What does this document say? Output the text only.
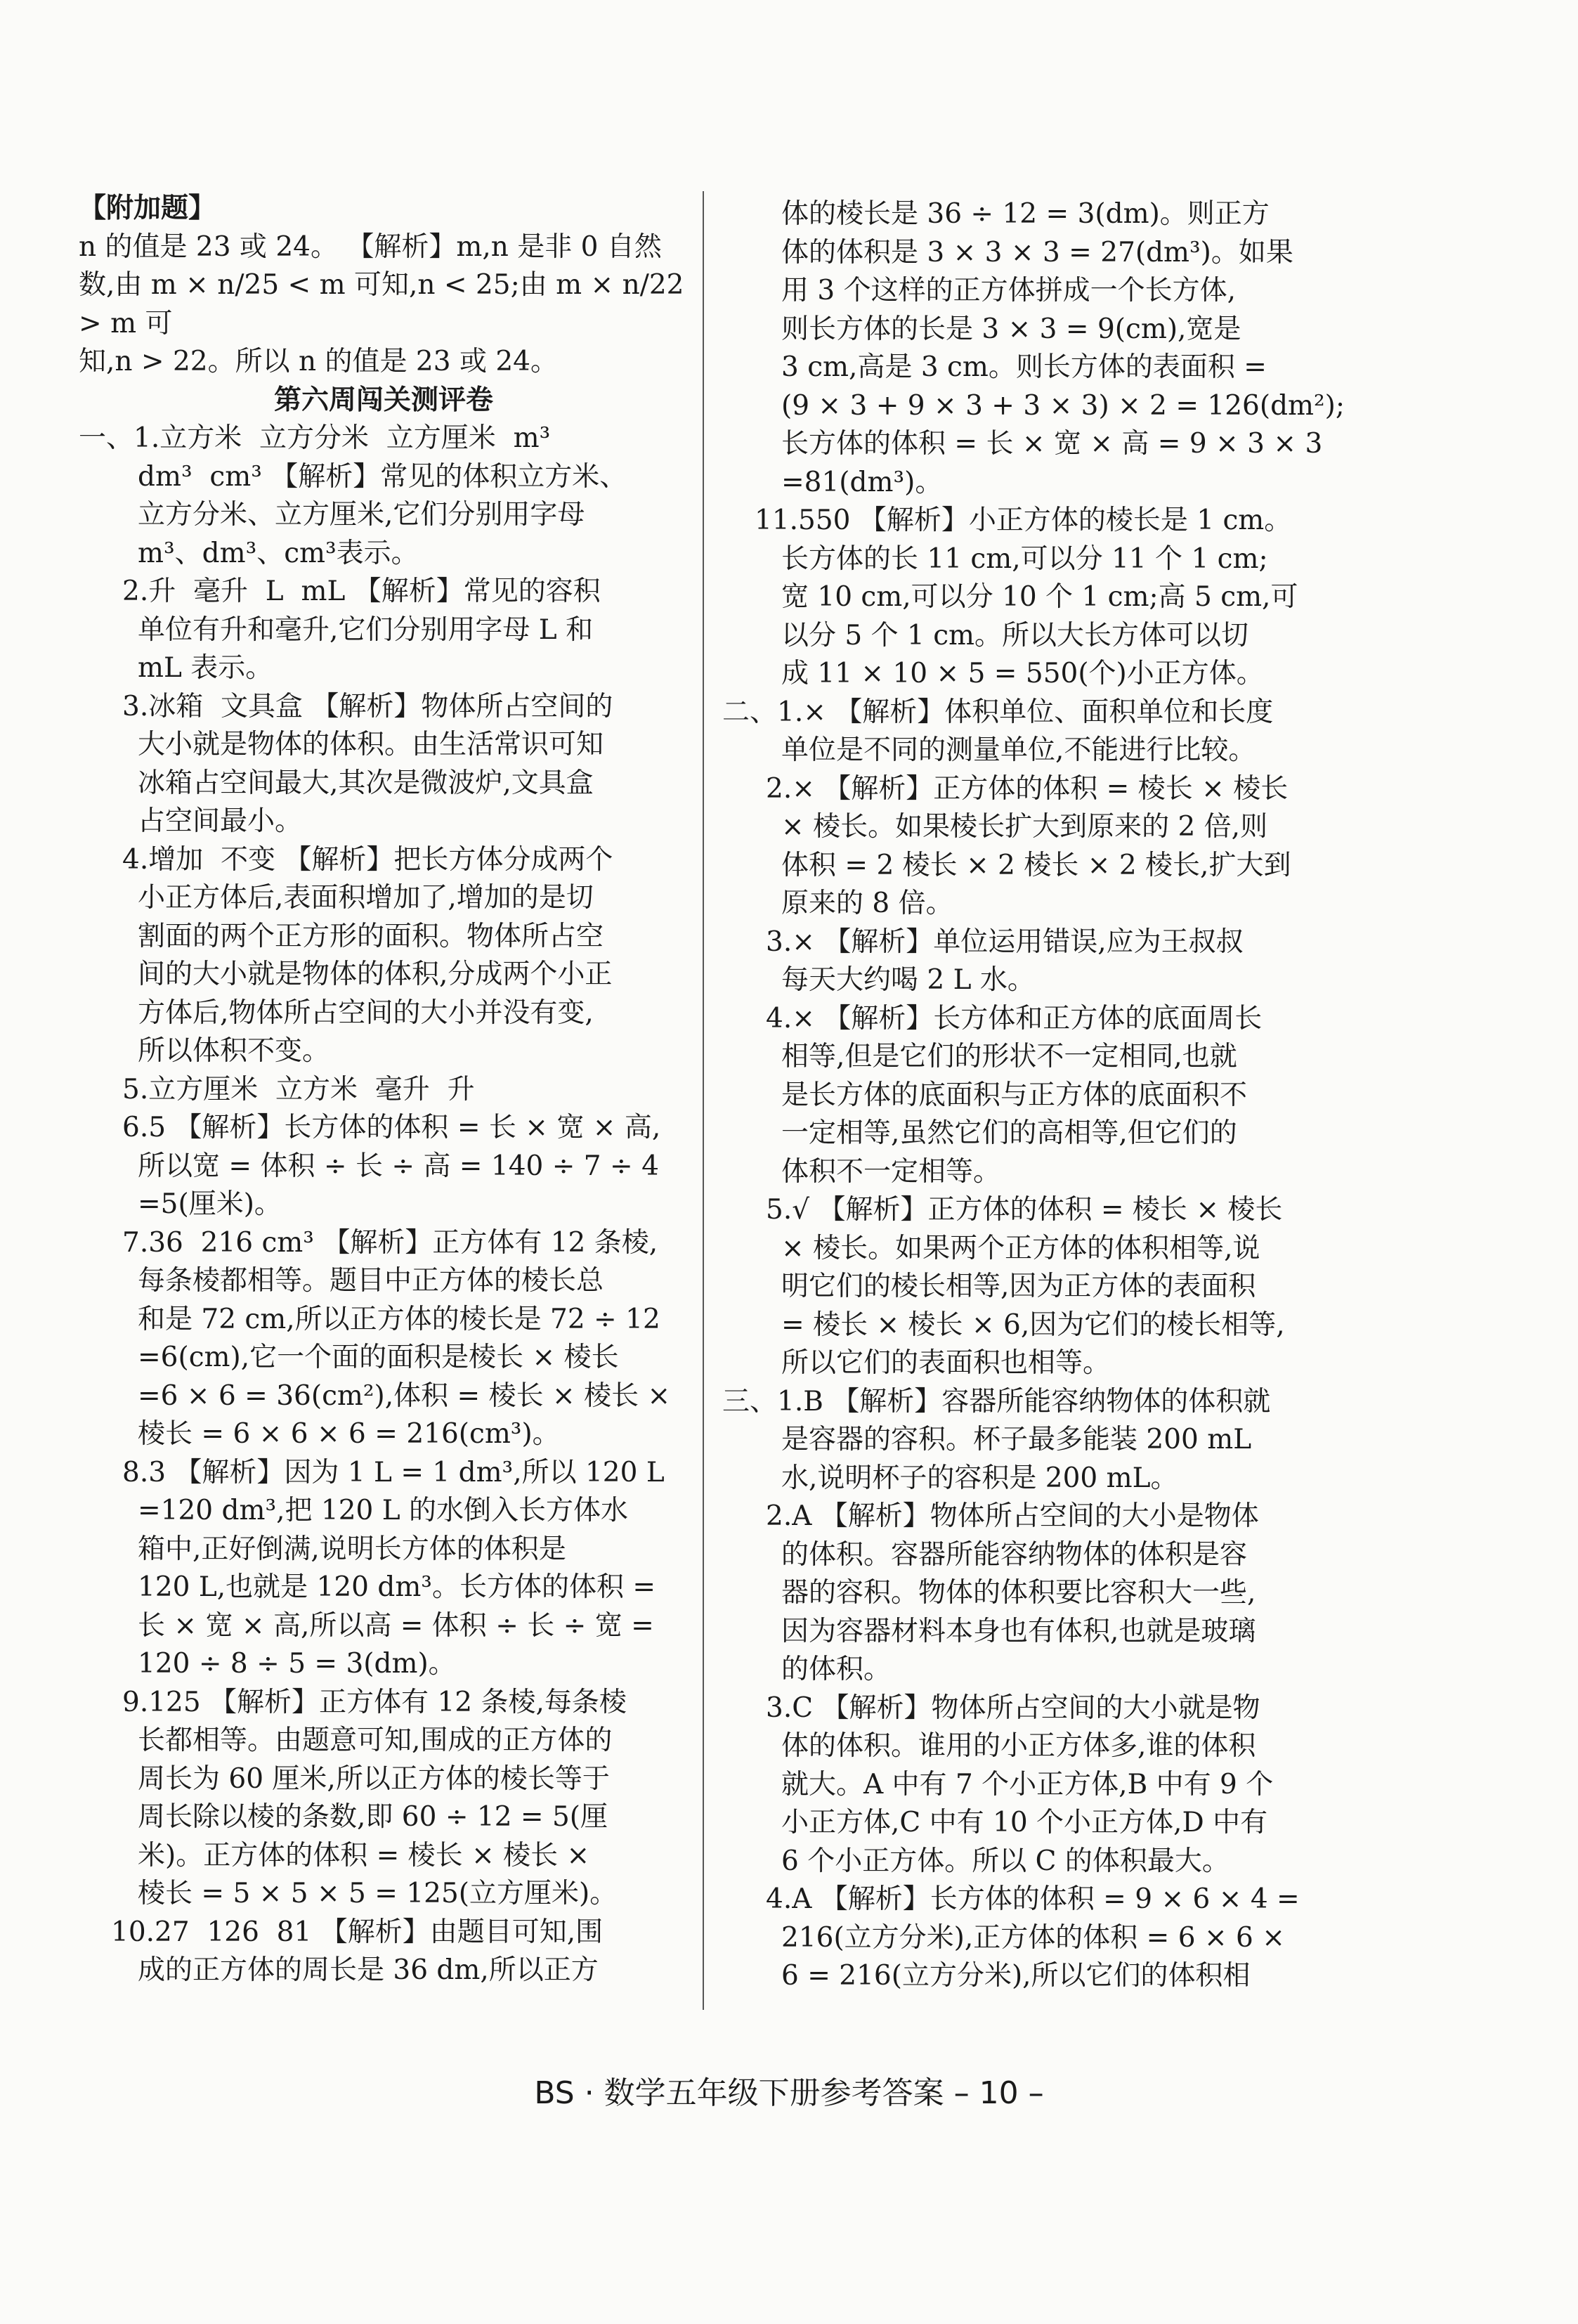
【附加题】

n 的值是 23 或 24。 【解析】m,n 是非 0 自然

数,由 m × n/25 < m 可知,n < 25;由 m × n/22 > m 可

知,n > 22。所以 n 的值是 23 或 24。

第六周闯关测评卷

一、1.立方米  立方分米  立方厘米  m³

dm³  cm³ 【解析】常见的体积立方米、

立方分米、立方厘米,它们分别用字母

m³、dm³、cm³表示。

2.升  毫升  L  mL 【解析】常见的容积

单位有升和毫升,它们分别用字母 L 和

mL 表示。

3.冰箱  文具盒 【解析】物体所占空间的

大小就是物体的体积。由生活常识可知

冰箱占空间最大,其次是微波炉,文具盒

占空间最小。

4.增加  不变 【解析】把长方体分成两个

小正方体后,表面积增加了,增加的是切

割面的两个正方形的面积。物体所占空

间的大小就是物体的体积,分成两个小正

方体后,物体所占空间的大小并没有变,

所以体积不变。

5.立方厘米  立方米  毫升  升

6.5 【解析】长方体的体积 = 长 × 宽 × 高,

所以宽 = 体积 ÷ 长 ÷ 高 = 140 ÷ 7 ÷ 4

=5(厘米)。

7.36  216 cm³ 【解析】正方体有 12 条棱,

每条棱都相等。题目中正方体的棱长总

和是 72 cm,所以正方体的棱长是 72 ÷ 12

=6(cm),它一个面的面积是棱长 × 棱长

=6 × 6 = 36(cm²),体积 = 棱长 × 棱长 ×

棱长 = 6 × 6 × 6 = 216(cm³)。

8.3 【解析】因为 1 L = 1 dm³,所以 120 L

=120 dm³,把 120 L 的水倒入长方体水

箱中,正好倒满,说明长方体的体积是

120 L,也就是 120 dm³。长方体的体积 =

长 × 宽 × 高,所以高 = 体积 ÷ 长 ÷ 宽 =

120 ÷ 8 ÷ 5 = 3(dm)。

9.125 【解析】正方体有 12 条棱,每条棱

长都相等。由题意可知,围成的正方体的

周长为 60 厘米,所以正方体的棱长等于

周长除以棱的条数,即 60 ÷ 12 = 5(厘

米)。正方体的体积 = 棱长 × 棱长 ×

棱长 = 5 × 5 × 5 = 125(立方厘米)。

10.27  126  81 【解析】由题目可知,围

成的正方体的周长是 36 dm,所以正方

体的棱长是 36 ÷ 12 = 3(dm)。则正方

体的体积是 3 × 3 × 3 = 27(dm³)。如果

用 3 个这样的正方体拼成一个长方体,

则长方体的长是 3 × 3 = 9(cm),宽是

3 cm,高是 3 cm。则长方体的表面积 =

(9 × 3 + 9 × 3 + 3 × 3) × 2 = 126(dm²);

长方体的体积 = 长 × 宽 × 高 = 9 × 3 × 3

=81(dm³)。

11.550 【解析】小正方体的棱长是 1 cm。

长方体的长 11 cm,可以分 11 个 1 cm;

宽 10 cm,可以分 10 个 1 cm;高 5 cm,可

以分 5 个 1 cm。所以大长方体可以切

成 11 × 10 × 5 = 550(个)小正方体。

二、1.× 【解析】体积单位、面积单位和长度

单位是不同的测量单位,不能进行比较。

2.× 【解析】正方体的体积 = 棱长 × 棱长

× 棱长。如果棱长扩大到原来的 2 倍,则

体积 = 2 棱长 × 2 棱长 × 2 棱长,扩大到

原来的 8 倍。

3.× 【解析】单位运用错误,应为王叔叔

每天大约喝 2 L 水。

4.× 【解析】长方体和正方体的底面周长

相等,但是它们的形状不一定相同,也就

是长方体的底面积与正方体的底面积不

一定相等,虽然它们的高相等,但它们的

体积不一定相等。

5.√ 【解析】正方体的体积 = 棱长 × 棱长

× 棱长。如果两个正方体的体积相等,说

明它们的棱长相等,因为正方体的表面积

= 棱长 × 棱长 × 6,因为它们的棱长相等,

所以它们的表面积也相等。

三、1.B 【解析】容器所能容纳物体的体积就

是容器的容积。杯子最多能装 200 mL

水,说明杯子的容积是 200 mL。

2.A 【解析】物体所占空间的大小是物体

的体积。容器所能容纳物体的体积是容

器的容积。物体的体积要比容积大一些,

因为容器材料本身也有体积,也就是玻璃

的体积。

3.C 【解析】物体所占空间的大小就是物

体的体积。谁用的小正方体多,谁的体积

就大。A 中有 7 个小正方体,B 中有 9 个

小正方体,C 中有 10 个小正方体,D 中有

6 个小正方体。所以 C 的体积最大。

4.A 【解析】长方体的体积 = 9 × 6 × 4 =

216(立方分米),正方体的体积 = 6 × 6 ×

6 = 216(立方分米),所以它们的体积相

BS · 数学五年级下册参考答案 – 10 –
